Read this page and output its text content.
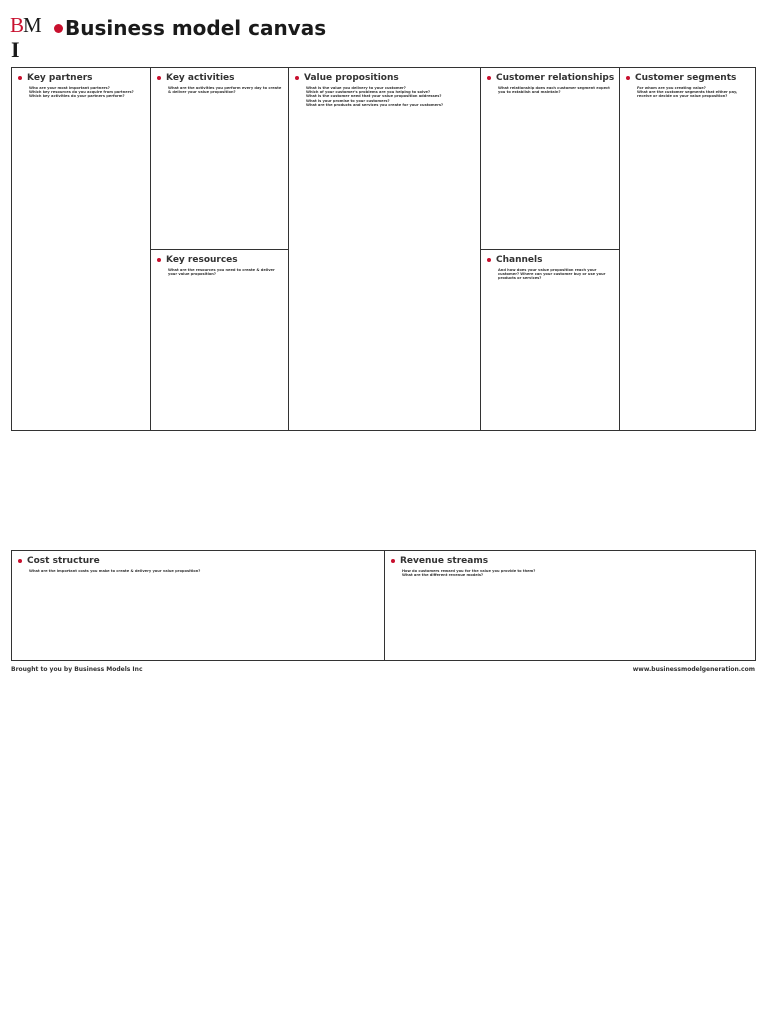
BM
I
Business model canvas
Key partners
Who are your most important partners?
Which key resources do you acquire from partners? Which key activities do your partners perform?
Key activities
What are the activities you perform every day to create & deliver your value proposition?
Key resources
What are the resources you need to create & deliver your value proposition?
Value propositions
What is the value you delivery to your customer?
Which of your customer's problems are you helping to solve?
What is the customer need that your value proposition addresses?
What is your promise to your customers?
What are the products and services you create for your customers?
Customer relationships
What relationship does each customer segment expect you to establish and maintain?
Channels
And how does your value proposition reach your customer? Where can your customer buy or use your products or services?
Customer segments
For whom are you creating value?
What are the customer segments that either pay, receive or decide on your value proposition?
Cost structure
What are the important costs you make to create & delivery your value proposition?
Revenue streams
How do customers reward you for the value you provide to them?
What are the different revenue models?
Brought to you by Business Models Inc	www.businessmodelgeneration.com
